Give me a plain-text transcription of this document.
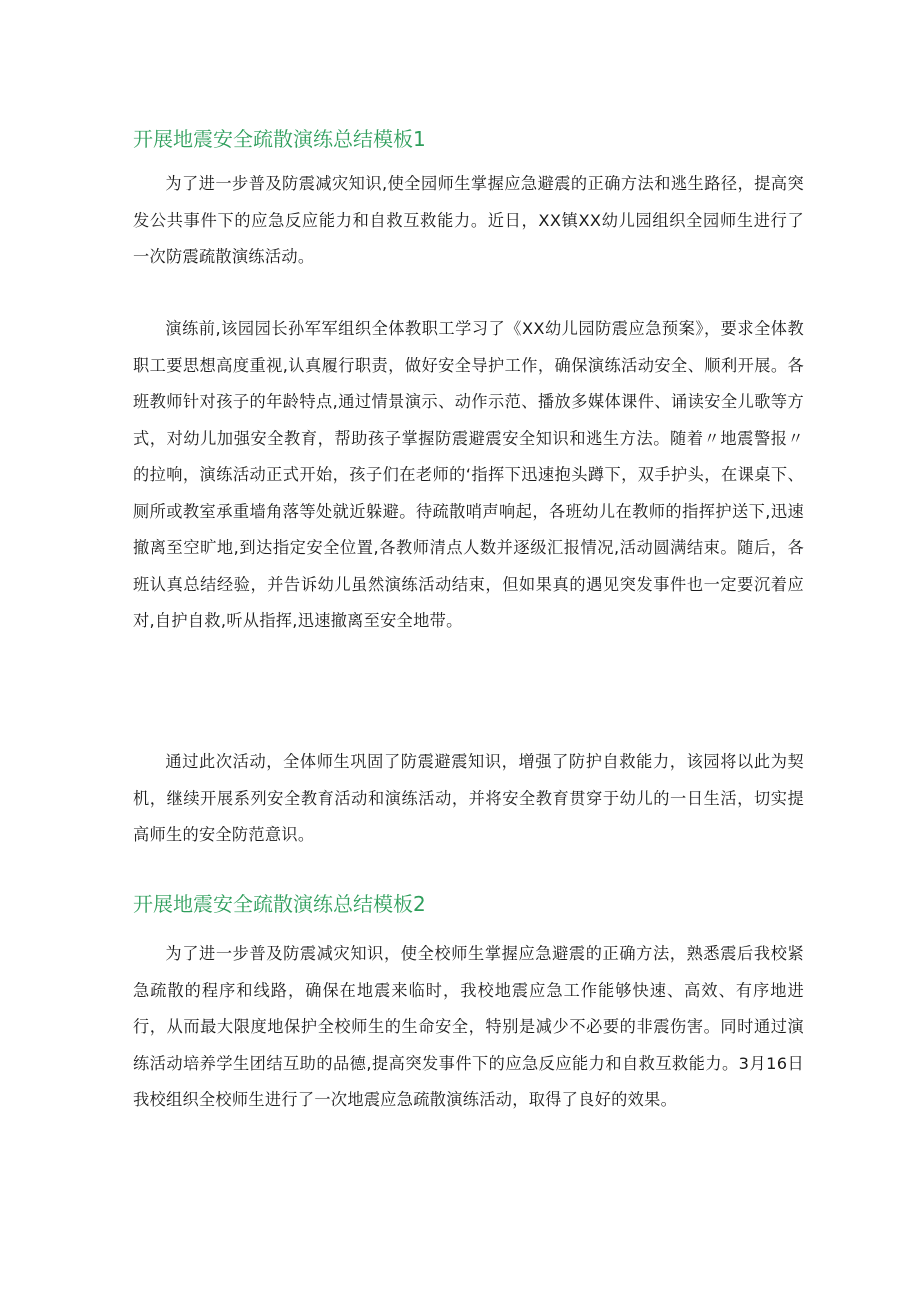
开展地震安全疏散演练总结模板1

为了进一步普及防震减灾知识,使全园师生掌握应急避震的正确方法和逃生路径，提高突发公共事件下的应急反应能力和自救互救能力。近日，XX镇XX幼儿园组织全园师生进行了一次防震疏散演练活动。

演练前,该园园长孙军军组织全体教职工学习了《XX幼儿园防震应急预案》，要求全体教职工要思想高度重视,认真履行职责，做好安全导护工作，确保演练活动安全、顺利开展。各班教师针对孩子的年龄特点,通过情景演示、动作示范、播放多媒体课件、诵读安全儿歌等方式，对幼儿加强安全教育，帮助孩子掌握防震避震安全知识和逃生方法。随着〃地震警报〃的拉响，演练活动正式开始，孩子们在老师的‘指挥下迅速抱头蹲下，双手护头，在课桌下、厕所或教室承重墙角落等处就近躲避。待疏散哨声响起，各班幼儿在教师的指挥护送下,迅速撤离至空旷地,到达指定安全位置,各教师清点人数并逐级汇报情况,活动圆满结束。随后，各班认真总结经验，并告诉幼儿虽然演练活动结束，但如果真的遇见突发事件也一定要沉着应对,自护自救,听从指挥,迅速撤离至安全地带。

通过此次活动，全体师生巩固了防震避震知识，增强了防护自救能力，该园将以此为契机，继续开展系列安全教育活动和演练活动，并将安全教育贯穿于幼儿的一日生活，切实提高师生的安全防范意识。

开展地震安全疏散演练总结模板2

为了进一步普及防震减灾知识，使全校师生掌握应急避震的正确方法，熟悉震后我校紧急疏散的程序和线路，确保在地震来临时，我校地震应急工作能够快速、高效、有序地进行，从而最大限度地保护全校师生的生命安全，特别是减少不必要的非震伤害。同时通过演练活动培养学生团结互助的品德,提高突发事件下的应急反应能力和自救互救能力。3月16日我校组织全校师生进行了一次地震应急疏散演练活动，取得了良好的效果。
